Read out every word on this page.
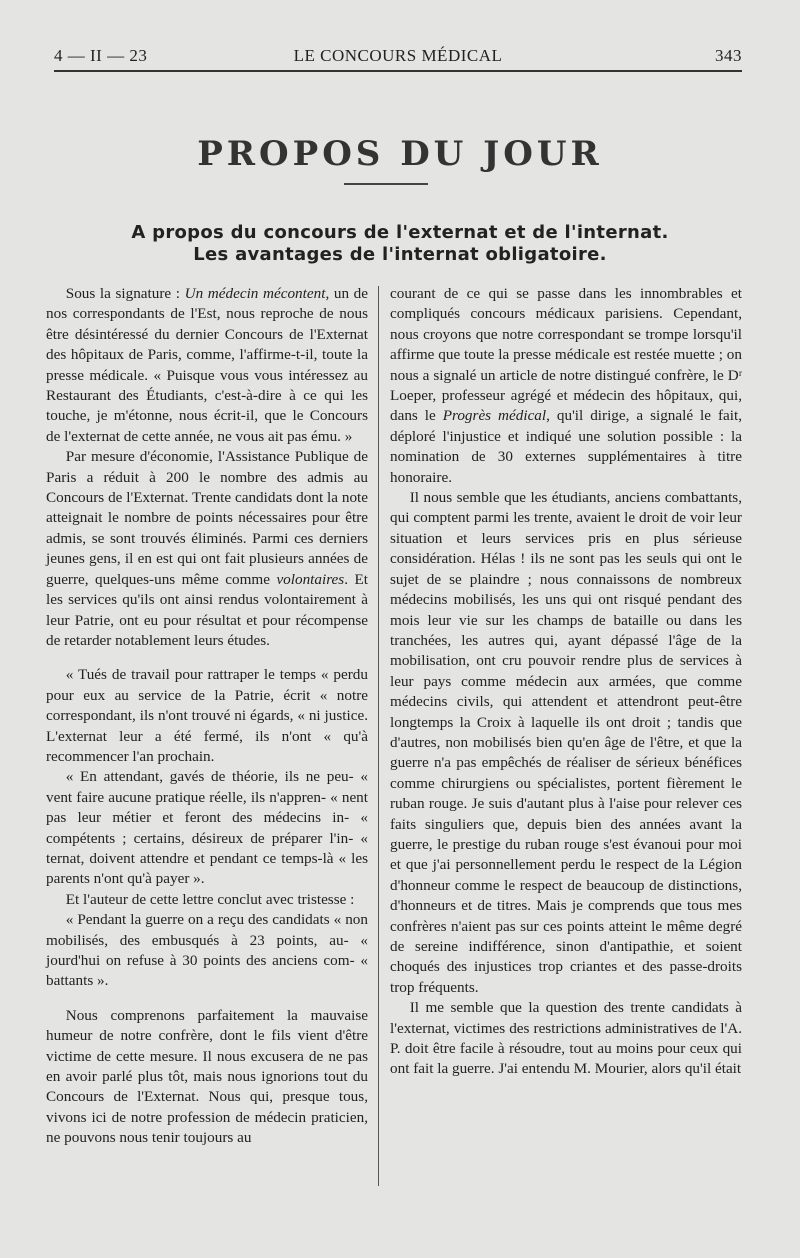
4 — II — 23	LE CONCOURS MÉDICAL	343
PROPOS DU JOUR
A propos du concours de l'externat et de l'internat.
Les avantages de l'internat obligatoire.

Sous la signature : Un médecin mécontent, un de nos correspondants de l'Est, nous reproche de nous être désintéressé du dernier Concours de l'Externat des hôpitaux de Paris, comme, l'affirme-t-il, toute la presse médicale. « Puisque vous vous intéressez au Restaurant des Étudiants, c'est-à-dire à ce qui les touche, je m'étonne, nous écrit-il, que le Concours de l'externat de cette année, ne vous ait pas ému. »

Par mesure d'économie, l'Assistance Publique de Paris a réduit à 200 le nombre des admis au Concours de l'Externat. Trente candidats dont la note atteignait le nombre de points nécessaires pour être admis, se sont trouvés éliminés. Parmi ces derniers jeunes gens, il en est qui ont fait plusieurs années de guerre, quelques-uns même comme volontaires. Et les services qu'ils ont ainsi rendus volontairement à leur Patrie, ont eu pour résultat et pour récompense de retarder notablement leurs études.

« Tués de travail pour rattraper le temps « perdu pour eux au service de la Patrie, écrit « notre correspondant, ils n'ont trouvé ni égards, « ni justice. L'externat leur a été fermé, ils n'ont « qu'à recommencer l'an prochain.

« En attendant, gavés de théorie, ils ne peu- « vent faire aucune pratique réelle, ils n'appren- « nent pas leur métier et feront des médecins in- « compétents ; certains, désireux de préparer l'in- « ternat, doivent attendre et pendant ce temps-là « les parents n'ont qu'à payer ».

Et l'auteur de cette lettre conclut avec tristesse :

« Pendant la guerre on a reçu des candidats « non mobilisés, des embusqués à 23 points, au- « jourd'hui on refuse à 30 points des anciens com- « battants ».

Nous comprenons parfaitement la mauvaise humeur de notre confrère, dont le fils vient d'être victime de cette mesure. Il nous excusera de ne pas en avoir parlé plus tôt, mais nous ignorions tout du Concours de l'Externat. Nous qui, presque tous, vivons ici de notre profession de médecin praticien, ne pouvons nous tenir toujours au

courant de ce qui se passe dans les innombrables et compliqués concours médicaux parisiens. Cependant, nous croyons que notre correspondant se trompe lorsqu'il affirme que toute la presse médicale est restée muette ; on nous a signalé un article de notre distingué confrère, le Dʳ Loeper, professeur agrégé et médecin des hôpitaux, qui, dans le Progrès médical, qu'il dirige, a signalé le fait, déploré l'injustice et indiqué une solution possible : la nomination de 30 externes supplémentaires à titre honoraire.

Il nous semble que les étudiants, anciens combattants, qui comptent parmi les trente, avaient le droit de voir leur situation et leurs services pris en plus sérieuse considération. Hélas ! ils ne sont pas les seuls qui ont le sujet de se plaindre ; nous connaissons de nombreux médecins mobilisés, les uns qui ont risqué pendant des mois leur vie sur les champs de bataille ou dans les tranchées, les autres qui, ayant dépassé l'âge de la mobilisation, ont cru pouvoir rendre plus de services à leur pays comme médecin aux armées, que comme médecins civils, qui attendent et attendront peut-être longtemps la Croix à laquelle ils ont droit ; tandis que d'autres, non mobilisés bien qu'en âge de l'être, et que la guerre n'a pas empêchés de réaliser de sérieux bénéfices comme chirurgiens ou spécialistes, portent fièrement le ruban rouge. Je suis d'autant plus à l'aise pour relever ces faits singuliers que, depuis bien des années avant la guerre, le prestige du ruban rouge s'est évanoui pour moi et que j'ai personnellement perdu le respect de la Légion d'honneur comme le respect de beaucoup de distinctions, d'honneurs et de titres. Mais je comprends que tous mes confrères n'aient pas sur ces points atteint le même degré de sereine indifférence, sinon d'antipathie, et soient choqués des injustices trop criantes et des passe-droits trop fréquents.

Il me semble que la question des trente candidats à l'externat, victimes des restrictions administratives de l'A. P. doit être facile à résoudre, tout au moins pour ceux qui ont fait la guerre. J'ai entendu M. Mourier, alors qu'il était
